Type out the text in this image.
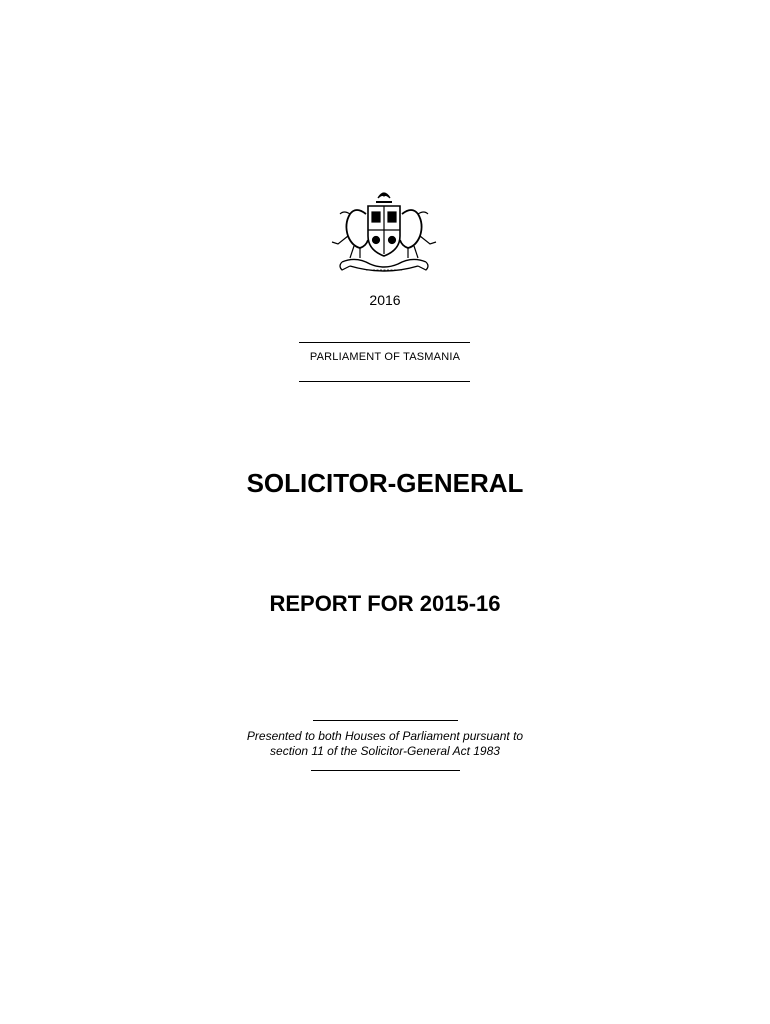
2016
PARLIAMENT OF TASMANIA
SOLICITOR-GENERAL
REPORT FOR 2015-16
Presented to both Houses of Parliament pursuant to
section 11 of the Solicitor-General Act 1983
